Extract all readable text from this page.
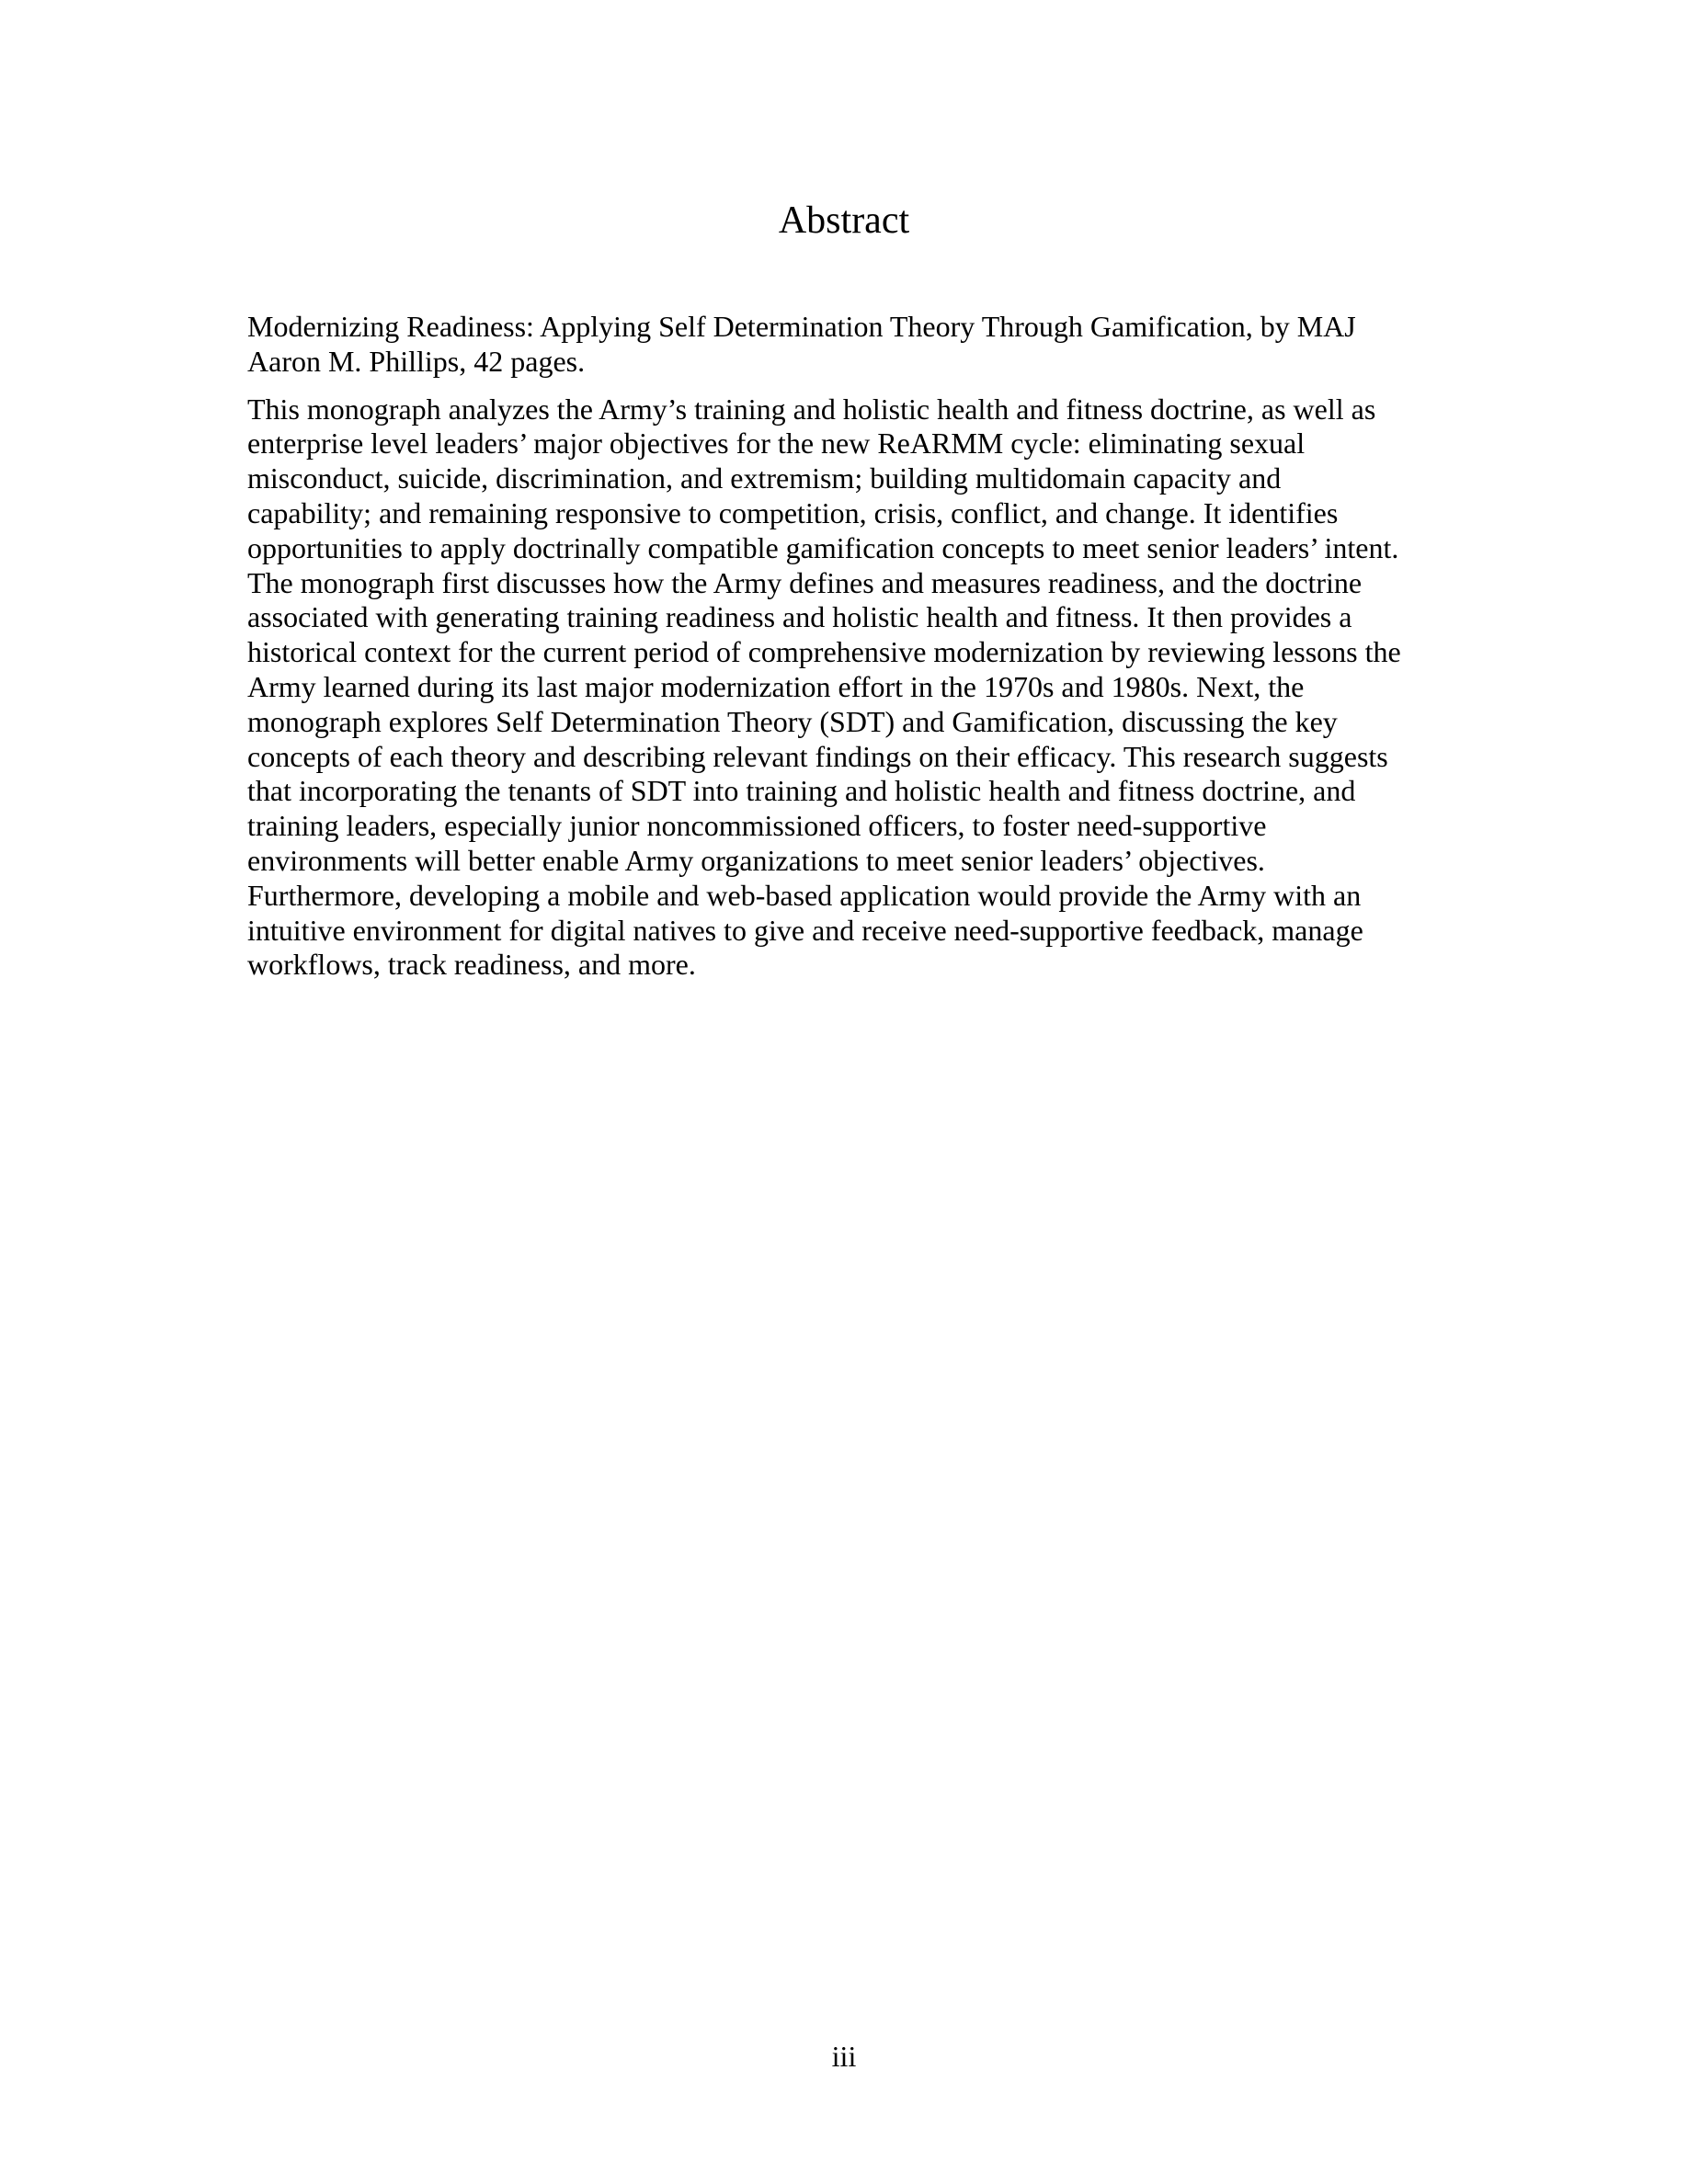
Abstract

Modernizing Readiness: Applying Self Determination Theory Through Gamification, by MAJ
Aaron M. Phillips, 42 pages.

This monograph analyzes the Army’s training and holistic health and fitness doctrine, as well as
enterprise level leaders’ major objectives for the new ReARMM cycle: eliminating sexual
misconduct, suicide, discrimination, and extremism; building multidomain capacity and
capability; and remaining responsive to competition, crisis, conflict, and change. It identifies
opportunities to apply doctrinally compatible gamification concepts to meet senior leaders’ intent.
The monograph first discusses how the Army defines and measures readiness, and the doctrine
associated with generating training readiness and holistic health and fitness. It then provides a
historical context for the current period of comprehensive modernization by reviewing lessons the
Army learned during its last major modernization effort in the 1970s and 1980s. Next, the
monograph explores Self Determination Theory (SDT) and Gamification, discussing the key
concepts of each theory and describing relevant findings on their efficacy. This research suggests
that incorporating the tenants of SDT into training and holistic health and fitness doctrine, and
training leaders, especially junior noncommissioned officers, to foster need-supportive
environments will better enable Army organizations to meet senior leaders’ objectives.
Furthermore, developing a mobile and web-based application would provide the Army with an
intuitive environment for digital natives to give and receive need-supportive feedback, manage
workflows, track readiness, and more.

iii
